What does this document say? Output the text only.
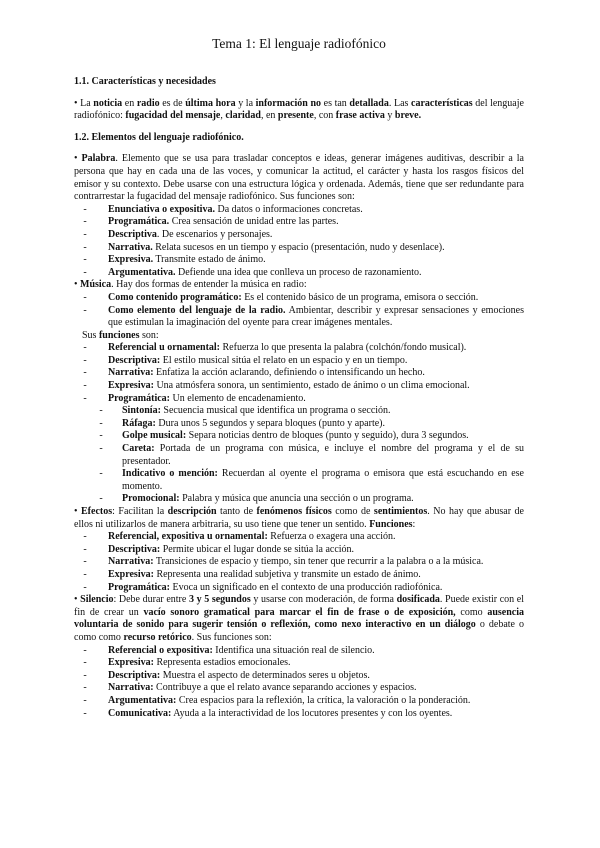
Tema 1: El lenguaje radiofónico
1.1. Características y necesidades

• La noticia en radio es de última hora y la información no es tan detallada. Las características del lenguaje radiofónico: fugacidad del mensaje, claridad, en presente, con frase activa y breve.

1.2. Elementos del lenguaje radiofónico.

• Palabra. Elemento que se usa para trasladar conceptos e ideas, generar imágenes auditivas, describir a la persona que hay en cada una de las voces, y comunicar la actitud, el carácter y hasta los rasgos físicos del emisor y su contexto. Debe usarse con una estructura lógica y ordenada. Además, tiene que ser redundante para contrarrestar la fugacidad del mensaje radiofónico. Sus funciones son:

- Enunciativa o expositiva. Da datos o informaciones concretas.
- Programática. Crea sensación de unidad entre las partes.
- Descriptiva. De escenarios y personajes.
- Narrativa. Relata sucesos en un tiempo y espacio (presentación, nudo y desenlace).
- Expresiva. Transmite estado de ánimo.
- Argumentativa. Defiende una idea que conlleva un proceso de razonamiento.

• Música. Hay dos formas de entender la música en radio:

- Como contenido programático: Es el contenido básico de un programa, emisora o sección.
- Como elemento del lenguaje de la radio. Ambientar, describir y expresar sensaciones y emociones que estimulan la imaginación del oyente para crear imágenes mentales.

Sus funciones son:

- Referencial u ornamental: Refuerza lo que presenta la palabra (colchón/fondo musical).
- Descriptiva: El estilo musical sitúa el relato en un espacio y en un tiempo.
- Narrativa: Enfatiza la acción aclarando, definiendo o intensificando un hecho.
- Expresiva: Una atmósfera sonora, un sentimiento, estado de ánimo o un clima emocional.
- Programática: Un elemento de encadenamiento.
- Sintonía: Secuencia musical que identifica un programa o sección.
- Ráfaga: Dura unos 5 segundos y separa bloques (punto y aparte).
- Golpe musical: Separa noticias dentro de bloques (punto y seguido), dura 3 segundos.
- Careta: Portada de un programa con música, e incluye el nombre del programa y el de su presentador.
- Indicativo o mención: Recuerdan al oyente el programa o emisora que está escuchando en ese momento.
- Promocional: Palabra y música que anuncia una sección o un programa.

• Efectos: Facilitan la descripción tanto de fenómenos físicos como de sentimientos. No hay que abusar de ellos ni utilizarlos de manera arbitraria, su uso tiene que tener un sentido. Funciones:

- Referencial, expositiva u ornamental: Refuerza o exagera una acción.
- Descriptiva: Permite ubicar el lugar donde se sitúa la acción.
- Narrativa: Transiciones de espacio y tiempo, sin tener que recurrir a la palabra o a la música.
- Expresiva: Representa una realidad subjetiva y transmite un estado de ánimo.
- Programática: Evoca un significado en el contexto de una producción radiofónica.

• Silencio: Debe durar entre 3 y 5 segundos y usarse con moderación, de forma dosificada. Puede existir con el fin de crear un vacío sonoro gramatical para marcar el fin de frase o de exposición, como ausencia voluntaria de sonido para sugerir tensión o reflexión, como nexo interactivo en un diálogo o debate o como como recurso retórico. Sus funciones son:

- Referencial o expositiva: Identifica una situación real de silencio.
- Expresiva: Representa estadios emocionales.
- Descriptiva: Muestra el aspecto de determinados seres u objetos.
- Narrativa: Contribuye a que el relato avance separando acciones y espacios.
- Argumentativa: Crea espacios para la reflexión, la crítica, la valoración o la ponderación.
- Comunicativa: Ayuda a la interactividad de los locutores presentes y con los oyentes.
